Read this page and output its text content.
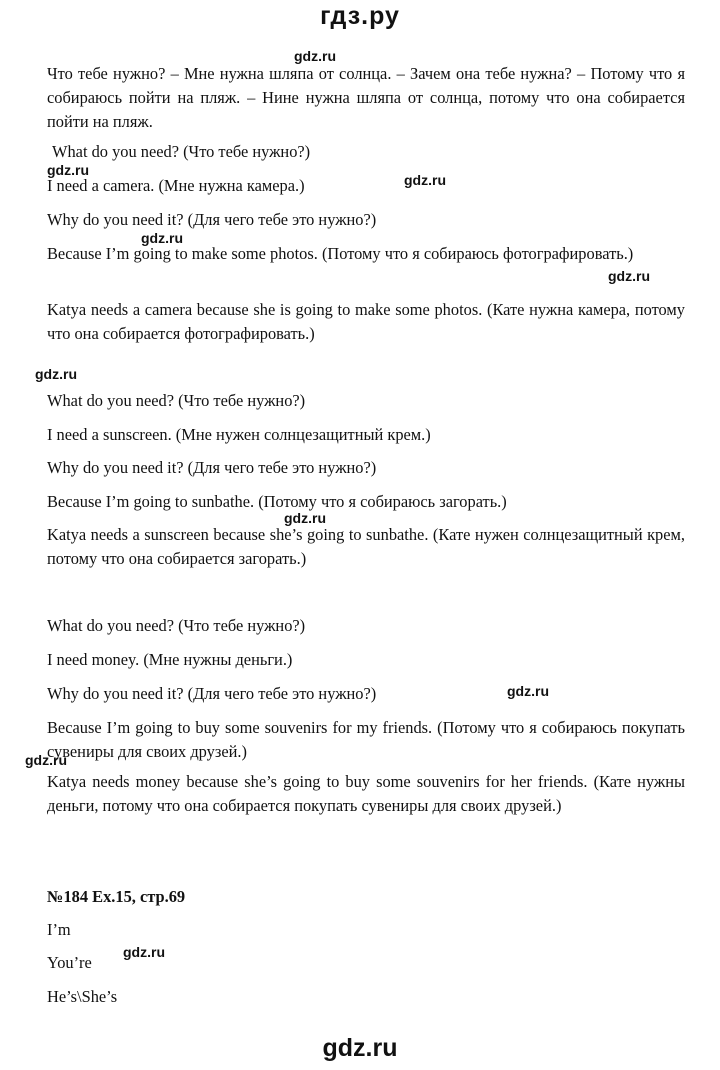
гдз.ру
gdz.ru
gdz.ru
gdz.ru
gdz.ru
gdz.ru
gdz.ru
gdz.ru
gdz.ru
gdz.ru
gdz.ru

Что тебе нужно? – Мне нужна шляпа от солнца. – Зачем она тебе нужна? – Потому что я собираюсь пойти на пляж. – Нине нужна шляпа от солнца, потому что она собирается пойти на пляж.

What do you need? (Что тебе нужно?)

I need a camera. (Мне нужна камера.)

Why do you need it? (Для чего тебе это нужно?)

Because I’m going to make some photos. (Потому что я собираюсь фотографировать.)

Katya needs a camera because she is going to make some photos. (Кате нужна камера, потому что она собирается фотографировать.)

What do you need? (Что тебе нужно?)

I need a sunscreen. (Мне нужен солнцезащитный крем.)

Why do you need it? (Для чего тебе это нужно?)

Because I’m going to sunbathe. (Потому что я собираюсь загорать.)

Katya needs a sunscreen because she’s going to sunbathe. (Кате нужен солнцезащитный крем, потому что она собирается загорать.)

What do you need? (Что тебе нужно?)

I need money. (Мне нужны деньги.)

Why do you need it? (Для чего тебе это нужно?)

Because I’m going to buy some souvenirs for my friends. (Потому что я собираюсь покупать сувениры для своих друзей.)

Katya needs money because she’s going to buy some souvenirs for her friends. (Кате нужны деньги, потому что она собирается покупать сувениры для своих друзей.)

№184 Ex.15, стр.69

I’m

You’re

He’s\She’s

gdz.ru
